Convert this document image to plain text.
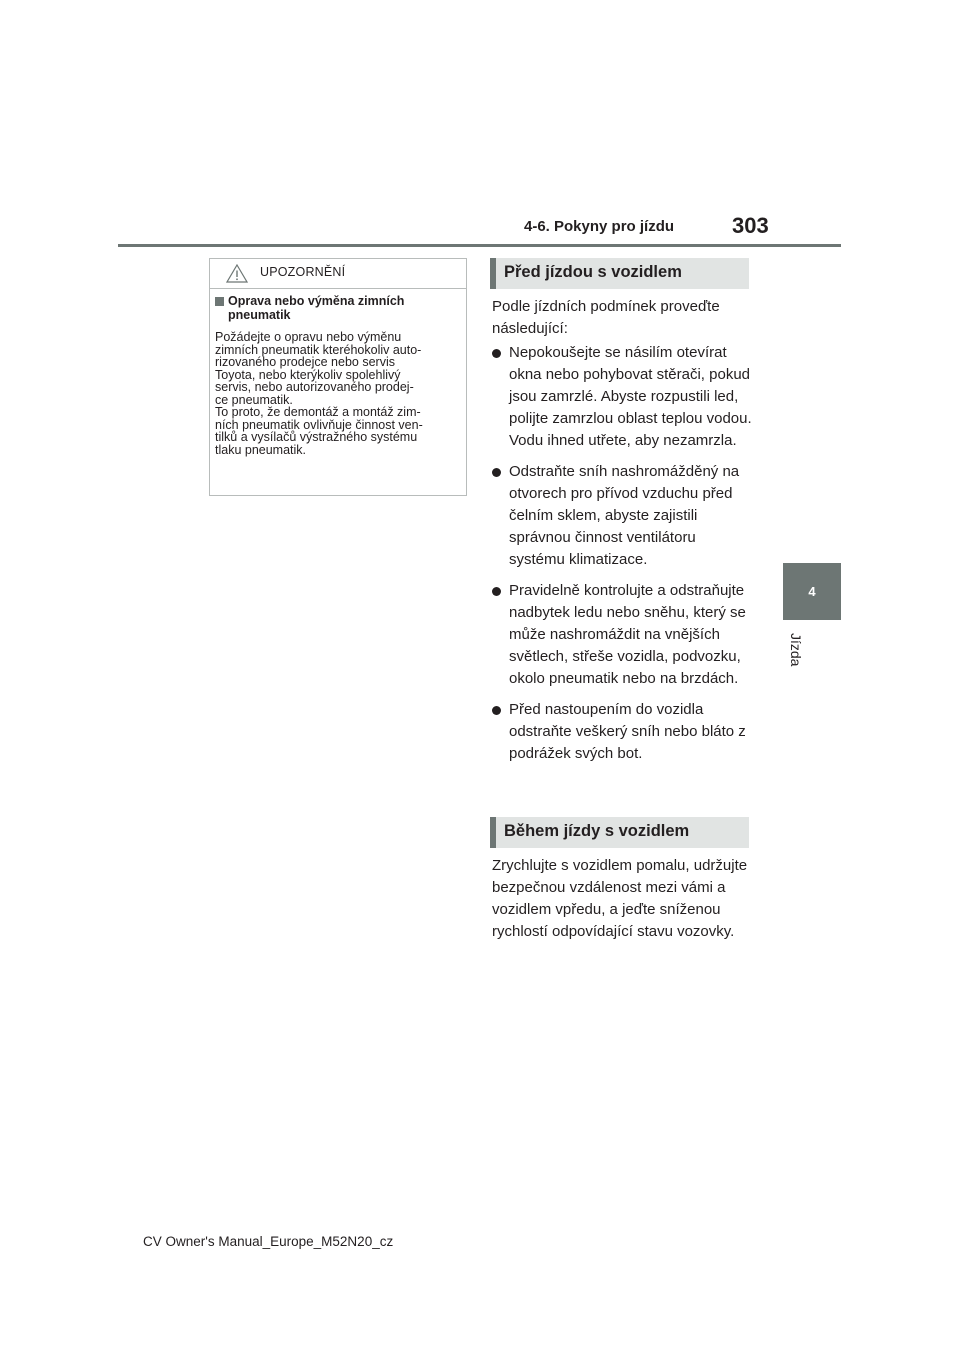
4-6. Pokyny pro jízdu	303
4
Jízda
UPOZORNĚNÍ
Oprava nebo výměna zimních pneumatik

Požádejte o opravu nebo výměnu

zimních pneumatik kteréhokoliv auto-

rizovaného prodejce nebo servis

Toyota, nebo kterýkoliv spolehlivý

servis, nebo autorizovaného prodej-

ce pneumatik.

To proto, že demontáž a montáž zim-

ních pneumatik ovlivňuje činnost ven-

tilků a vysílačů výstražného systému

tlaku pneumatik.

Před jízdou s vozidlem

Podle jízdních podmínek proveďte následující:

Nepokoušejte se násilím otevírat okna nebo pohybovat stěrači, pokud jsou zamrzlé. Abyste rozpustili led, polijte zamrzlou oblast teplou vodou. Vodu ihned utřete, aby nezamrzla.
Odstraňte sníh nashromážděný na otvorech pro přívod vzduchu před čelním sklem, abyste zajistili správnou činnost ventilátoru systému klimatizace.
Pravidelně kontrolujte a odstraňujte nadbytek ledu nebo sněhu, který se může nashromáždit na vnějších světlech, střeše vozidla, podvozku, okolo pneumatik nebo na brzdách.
Před nastoupením do vozidla odstraňte veškerý sníh nebo bláto z podrážek svých bot.
Během jízdy s vozidlem

Zrychlujte s vozidlem pomalu, udržujte bezpečnou vzdálenost mezi vámi a vozidlem vpředu, a jeďte sníženou rychlostí odpovídající stavu vozovky.

CV Owner's Manual_Europe_M52N20_cz
